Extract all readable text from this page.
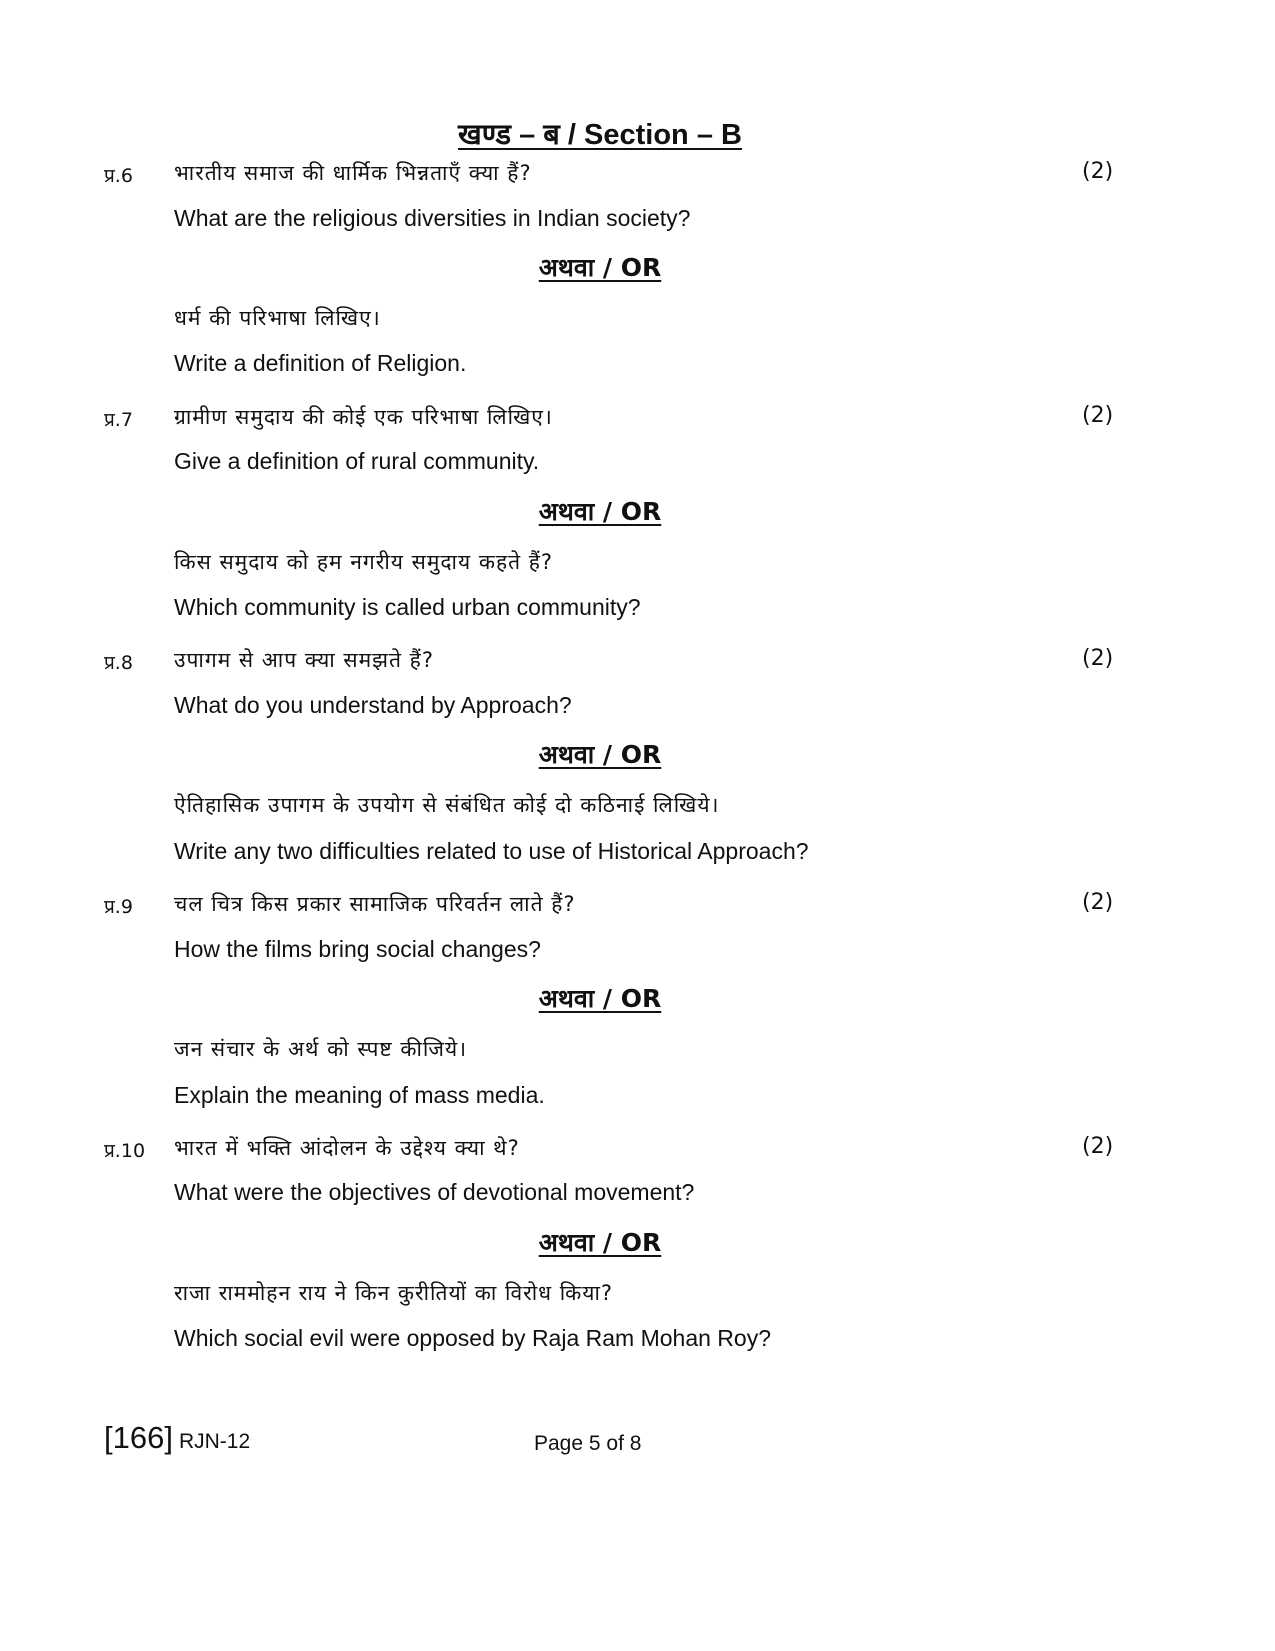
खण्ड – ब / Section – B
प्र.6 भारतीय समाज की धार्मिक भिन्नताएँ क्या हैं?	(2)
What are the religious diversities in Indian society?
अथवा / OR
धर्म की परिभाषा लिखिए।
Write a definition of Religion.
प्र.7 ग्रामीण समुदाय की कोई एक परिभाषा लिखिए।	(2)
Give a definition of rural community.
अथवा / OR
किस समुदाय को हम नगरीय समुदाय कहते हैं?
Which community is called urban community?
प्र.8 उपागम से आप क्या समझते हैं?	(2)
What do you understand by Approach?
अथवा / OR
ऐतिहासिक उपागम के उपयोग से संबंधित कोई दो कठिनाई लिखिये।
Write any two difficulties related to use of Historical Approach?
प्र.9 चल चित्र किस प्रकार सामाजिक परिवर्तन लाते हैं?	(2)
How the films bring social changes?
अथवा / OR
जन संचार के अर्थ को स्पष्ट कीजिये।
Explain the meaning of mass media.
प्र.10 भारत में भक्ति आंदोलन के उद्देश्य क्या थे?	(2)
What were the objectives of devotional movement?
अथवा / OR
राजा राममोहन राय ने किन कुरीतियों का विरोध किया?
Which social evil were opposed by Raja Ram Mohan Roy?
[166] RJN-12	Page 5 of 8
